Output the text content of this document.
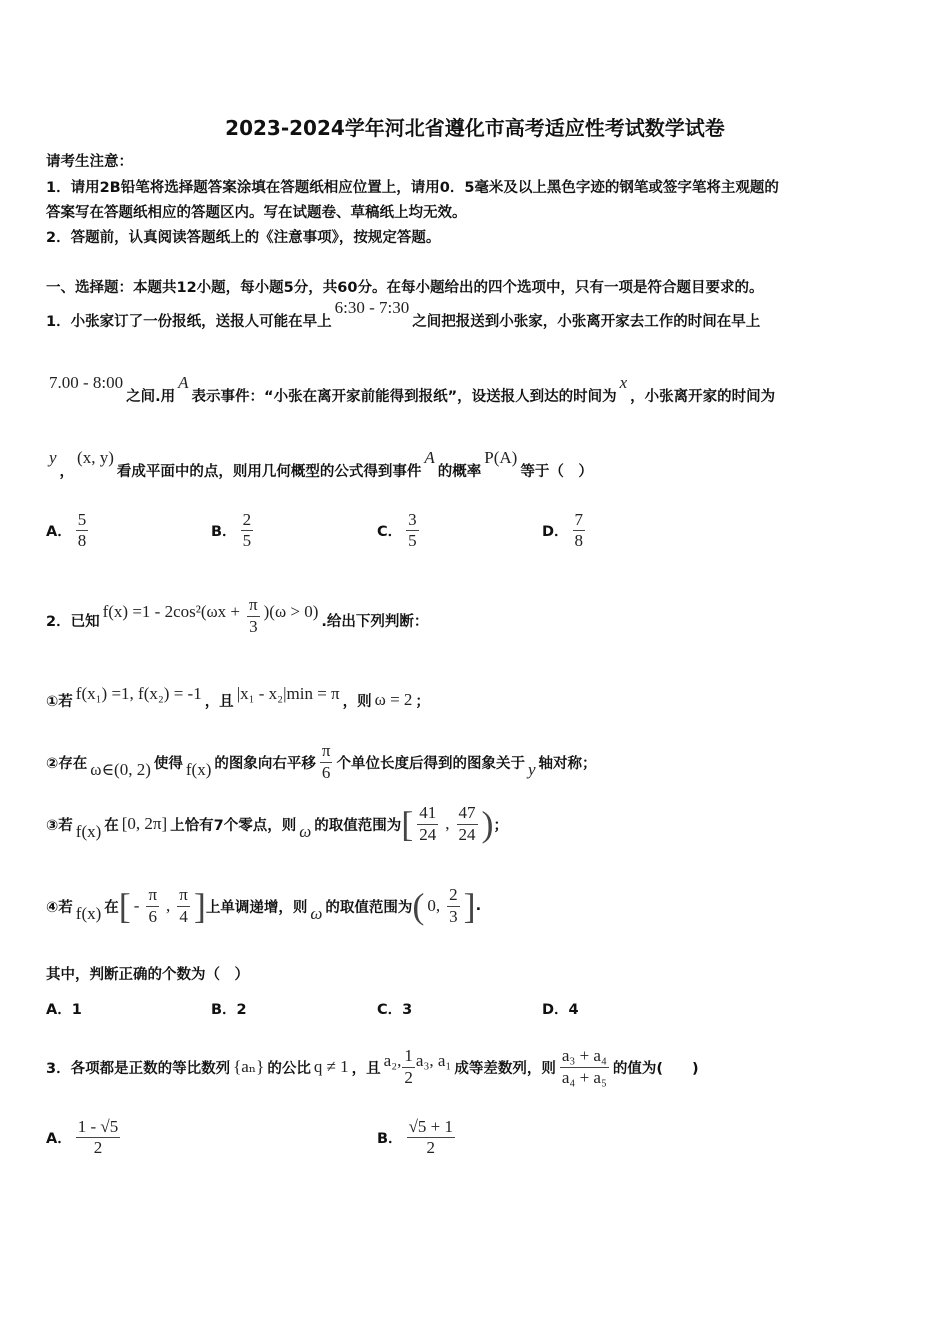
2023-2024学年河北省遵化市高考适应性考试数学试卷
请考生注意：
1．请用2B铅笔将选择题答案涂填在答题纸相应位置上，请用0．5毫米及以上黑色字迹的钢笔或签字笔将主观题的
答案写在答题纸相应的答题区内。写在试题卷、草稿纸上均无效。
2．答题前，认真阅读答题纸上的《注意事项》，按规定答题。
一、选择题：本题共12小题，每小题5分，共60分。在每小题给出的四个选项中，只有一项是符合题目要求的。
1．小张家订了一份报纸，送报人可能在早上
6:30 - 7:30
之间把报送到小张家，小张离开家去工作的时间在早上
7.00 - 8:00
之间.用
A
表示事件：“小张在离开家前能得到报纸”，设送报人到达的时间为
x
，小张离开家的时间为
y
，
(x, y)
看成平面中的点，则用几何概型的公式得到事件
A
的概率
P(A)
等于（　）
A． $\frac{5}{8}$	B． $\frac{2}{5}$	C． $\frac{3}{5}$	D． $\frac{7}{8}$
2．已知
$f(x) =1 - 2\cos^2(\omega x + \frac{\pi}{3} )(\omega > 0)$
.给出下列判断：
①若 f(x₁) =1, f(x₂) = -1 ，且 |x₁ - x₂|min = π ，则 ω = 2 ；
②存在 ω∈(0, 2) 使得 f(x) 的图象向右平移 $\frac{\pi}{6}$ 个单位长度后得到的图象关于 y 轴对称；
③若 f(x) 在 [0, 2π] 上恰有7个零点，则 ω 的取值范围为 [ $\frac{41}{24}$ , $\frac{47}{24}$ ) ；
④若 f(x) 在 [ - $\frac{\pi}{6}$ , $\frac{\pi}{4}$ ] 上单调递增，则 ω 的取值范围为 ( 0, $\frac{2}{3}$ ] .
其中，判断正确的个数为（　）
A．1	B．2	C．3	D．4
3．各项都是正数的等比数列 {aₙ} 的公比 q ≠ 1 ，且 a₂, $\frac{1}{2} a_3$, a₁ 成等差数列，则 $\frac{\text{a₃ + a₄}}{\text{a₄ + a₅}}$ 的值为(　　)
A． $\frac{1 - √5}{2}$	B． $\frac{√5 + 1}{2}$
